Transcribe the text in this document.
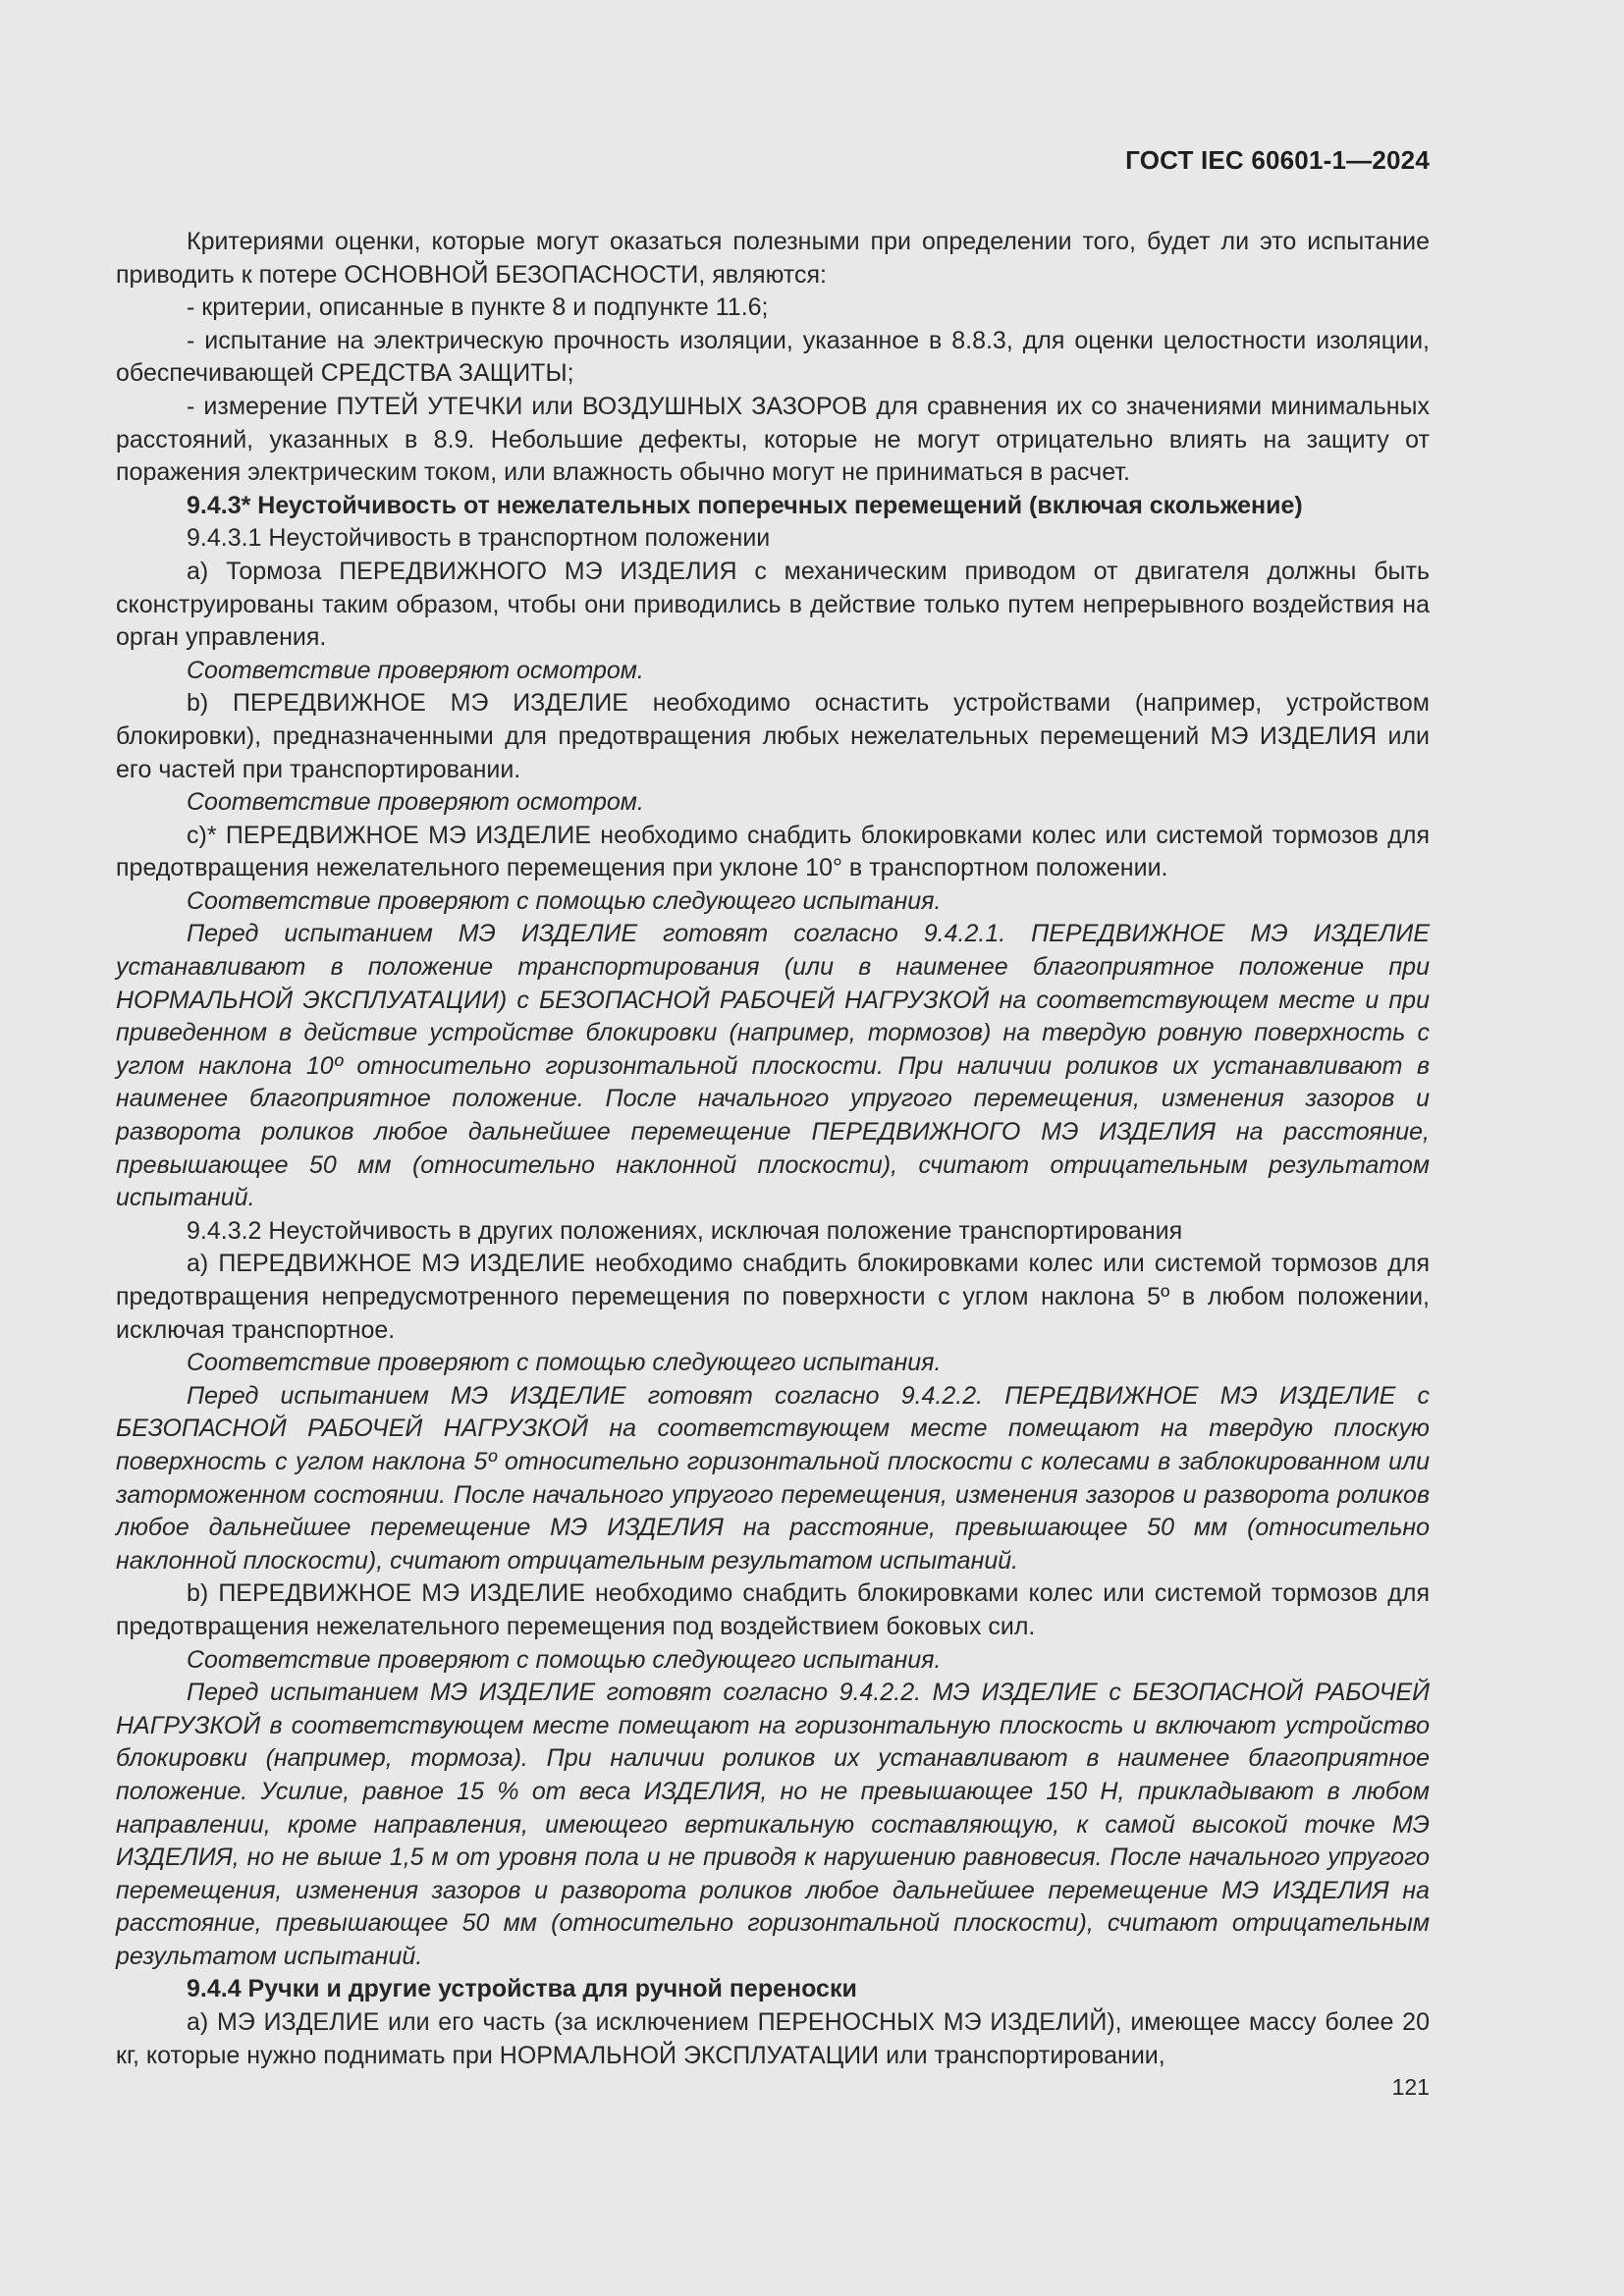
ГОСТ IEC 60601-1—2024

Критериями оценки, которые могут оказаться полезными при определении того, будет ли это испытание приводить к потере ОСНОВНОЙ БЕЗОПАСНОСТИ, являются:

- критерии, описанные в пункте 8 и подпункте 11.6;

- испытание на электрическую прочность изоляции, указанное в 8.8.3, для оценки целостности изоляции, обеспечивающей СРЕДСТВА ЗАЩИТЫ;

- измерение ПУТЕЙ УТЕЧКИ или ВОЗДУШНЫХ ЗАЗОРОВ для сравнения их со значениями минимальных расстояний, указанных в 8.9. Небольшие дефекты, которые не могут отрицательно влиять на защиту от поражения электрическим током, или влажность обычно могут не приниматься в расчет.

9.4.3* Неустойчивость от нежелательных поперечных перемещений (включая скольжение)

9.4.3.1 Неустойчивость в транспортном положении

а) Тормоза ПЕРЕДВИЖНОГО МЭ ИЗДЕЛИЯ с механическим приводом от двигателя должны быть сконструированы таким образом, чтобы они приводились в действие только путем непрерывного воздействия на орган управления.

Соответствие проверяют осмотром.

b) ПЕРЕДВИЖНОЕ МЭ ИЗДЕЛИЕ необходимо оснастить устройствами (например, устройством блокировки), предназначенными для предотвращения любых нежелательных перемещений МЭ ИЗДЕЛИЯ или его частей при транспортировании.

Соответствие проверяют осмотром.

c)* ПЕРЕДВИЖНОЕ МЭ ИЗДЕЛИЕ необходимо снабдить блокировками колес или системой тормозов для предотвращения нежелательного перемещения при уклоне 10° в транспортном положении.

Соответствие проверяют с помощью следующего испытания.

Перед испытанием МЭ ИЗДЕЛИЕ готовят согласно 9.4.2.1. ПЕРЕДВИЖНОЕ МЭ ИЗДЕЛИЕ устанавливают в положение транспортирования (или в наименее благоприятное положение при НОРМАЛЬНОЙ ЭКСПЛУАТАЦИИ) с БЕЗОПАСНОЙ РАБОЧЕЙ НАГРУЗКОЙ на соответствующем месте и при приведенном в действие устройстве блокировки (например, тормозов) на твердую ровную поверхность с углом наклона 10º относительно горизонтальной плоскости. При наличии роликов их устанавливают в наименее благоприятное положение. После начального упругого перемещения, изменения зазоров и разворота роликов любое дальнейшее перемещение ПЕРЕДВИЖНОГО МЭ ИЗДЕЛИЯ на расстояние, превышающее 50 мм (относительно наклонной плоскости), считают отрицательным результатом испытаний.

9.4.3.2 Неустойчивость в других положениях, исключая положение транспортирования

а) ПЕРЕДВИЖНОЕ МЭ ИЗДЕЛИЕ необходимо снабдить блокировками колес или системой тормозов для предотвращения непредусмотренного перемещения по поверхности с углом наклона 5º в любом положении, исключая транспортное.

Соответствие проверяют с помощью следующего испытания.

Перед испытанием МЭ ИЗДЕЛИЕ готовят согласно 9.4.2.2. ПЕРЕДВИЖНОЕ МЭ ИЗДЕЛИЕ с БЕЗОПАСНОЙ РАБОЧЕЙ НАГРУЗКОЙ на соответствующем месте помещают на твердую плоскую поверхность с углом наклона 5º относительно горизонтальной плоскости с колесами в заблокированном или заторможенном состоянии. После начального упругого перемещения, изменения зазоров и разворота роликов любое дальнейшее перемещение МЭ ИЗДЕЛИЯ на расстояние, превышающее 50 мм (относительно наклонной плоскости), считают отрицательным результатом испытаний.

b) ПЕРЕДВИЖНОЕ МЭ ИЗДЕЛИЕ необходимо снабдить блокировками колес или системой тормозов для предотвращения нежелательного перемещения под воздействием боковых сил.

Соответствие проверяют с помощью следующего испытания.

Перед испытанием МЭ ИЗДЕЛИЕ готовят согласно 9.4.2.2. МЭ ИЗДЕЛИЕ с БЕЗОПАСНОЙ РАБОЧЕЙ НАГРУЗКОЙ в соответствующем месте помещают на горизонтальную плоскость и включают устройство блокировки (например, тормоза). При наличии роликов их устанавливают в наименее благоприятное положение. Усилие, равное 15 % от веса ИЗДЕЛИЯ, но не превышающее 150 Н, прикладывают в любом направлении, кроме направления, имеющего вертикальную составляющую, к самой высокой точке МЭ ИЗДЕЛИЯ, но не выше 1,5 м от уровня пола и не приводя к нарушению равновесия. После начального упругого перемещения, изменения зазоров и разворота роликов любое дальнейшее перемещение МЭ ИЗДЕЛИЯ на расстояние, превышающее 50 мм (относительно горизонтальной плоскости), считают отрицательным результатом испытаний.

9.4.4 Ручки и другие устройства для ручной переноски

а) МЭ ИЗДЕЛИЕ или его часть (за исключением ПЕРЕНОСНЫХ МЭ ИЗДЕЛИЙ), имеющее массу более 20 кг, которые нужно поднимать при НОРМАЛЬНОЙ ЭКСПЛУАТАЦИИ или транспортировании,

121
